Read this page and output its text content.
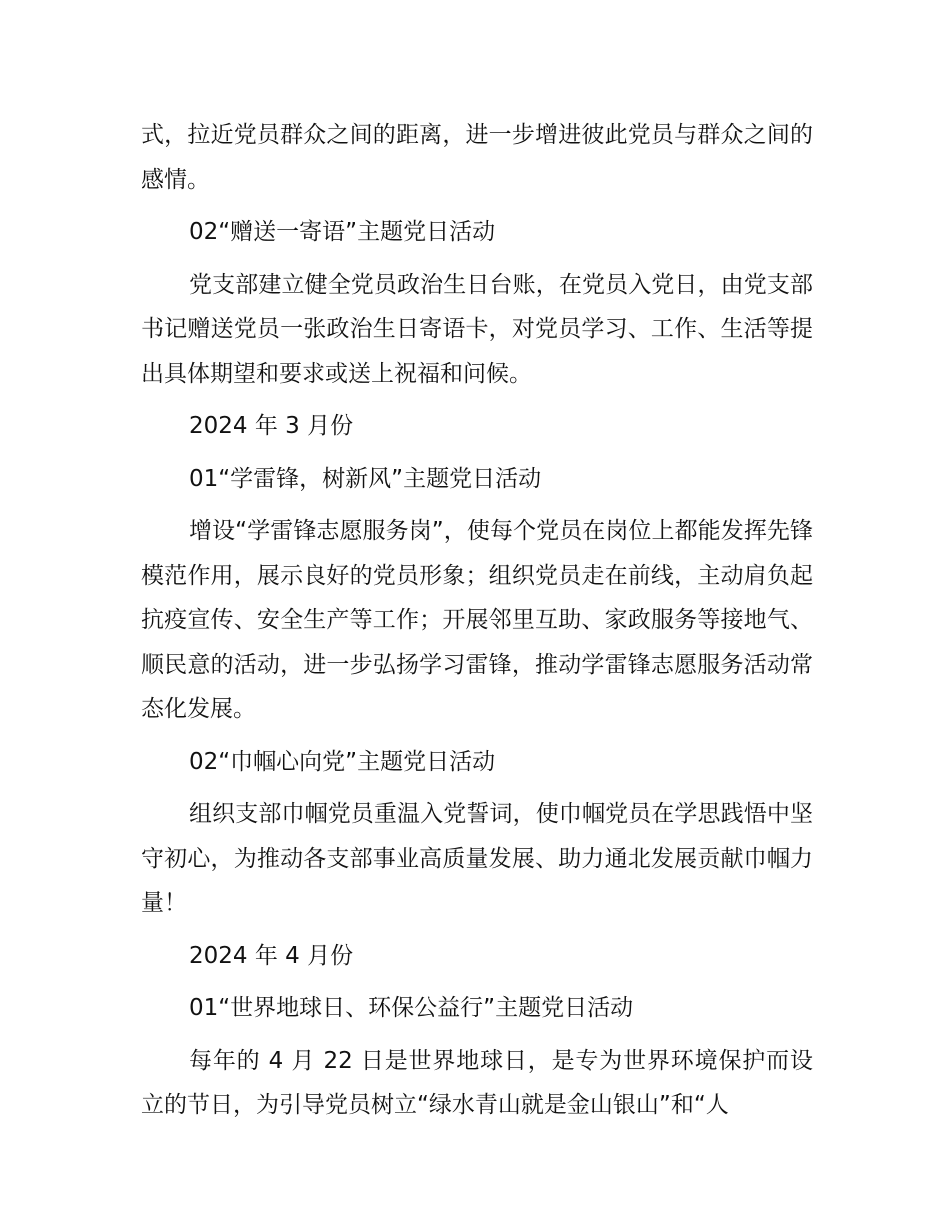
式，拉近党员群众之间的距离，进一步增进彼此党员与群众之间的感情。

02“赠送一寄语”主题党日活动

党支部建立健全党员政治生日台账，在党员入党日，由党支部书记赠送党员一张政治生日寄语卡，对党员学习、工作、生活等提出具体期望和要求或送上祝福和问候。

2024 年 3 月份

01“学雷锋，树新风”主题党日活动

增设“学雷锋志愿服务岗”，使每个党员在岗位上都能发挥先锋模范作用，展示良好的党员形象；组织党员走在前线，主动肩负起抗疫宣传、安全生产等工作；开展邻里互助、家政服务等接地气、顺民意的活动，进一步弘扬学习雷锋，推动学雷锋志愿服务活动常态化发展。

02“巾帼心向党”主题党日活动

组织支部巾帼党员重温入党誓词，使巾帼党员在学思践悟中坚守初心，为推动各支部事业高质量发展、助力通北发展贡献巾帼力量！

2024 年 4 月份

01“世界地球日、环保公益行”主题党日活动

每年的 4 月 22 日是世界地球日，是专为世界环境保护而设立的节日，为引导党员树立“绿水青山就是金山银山”和“人
